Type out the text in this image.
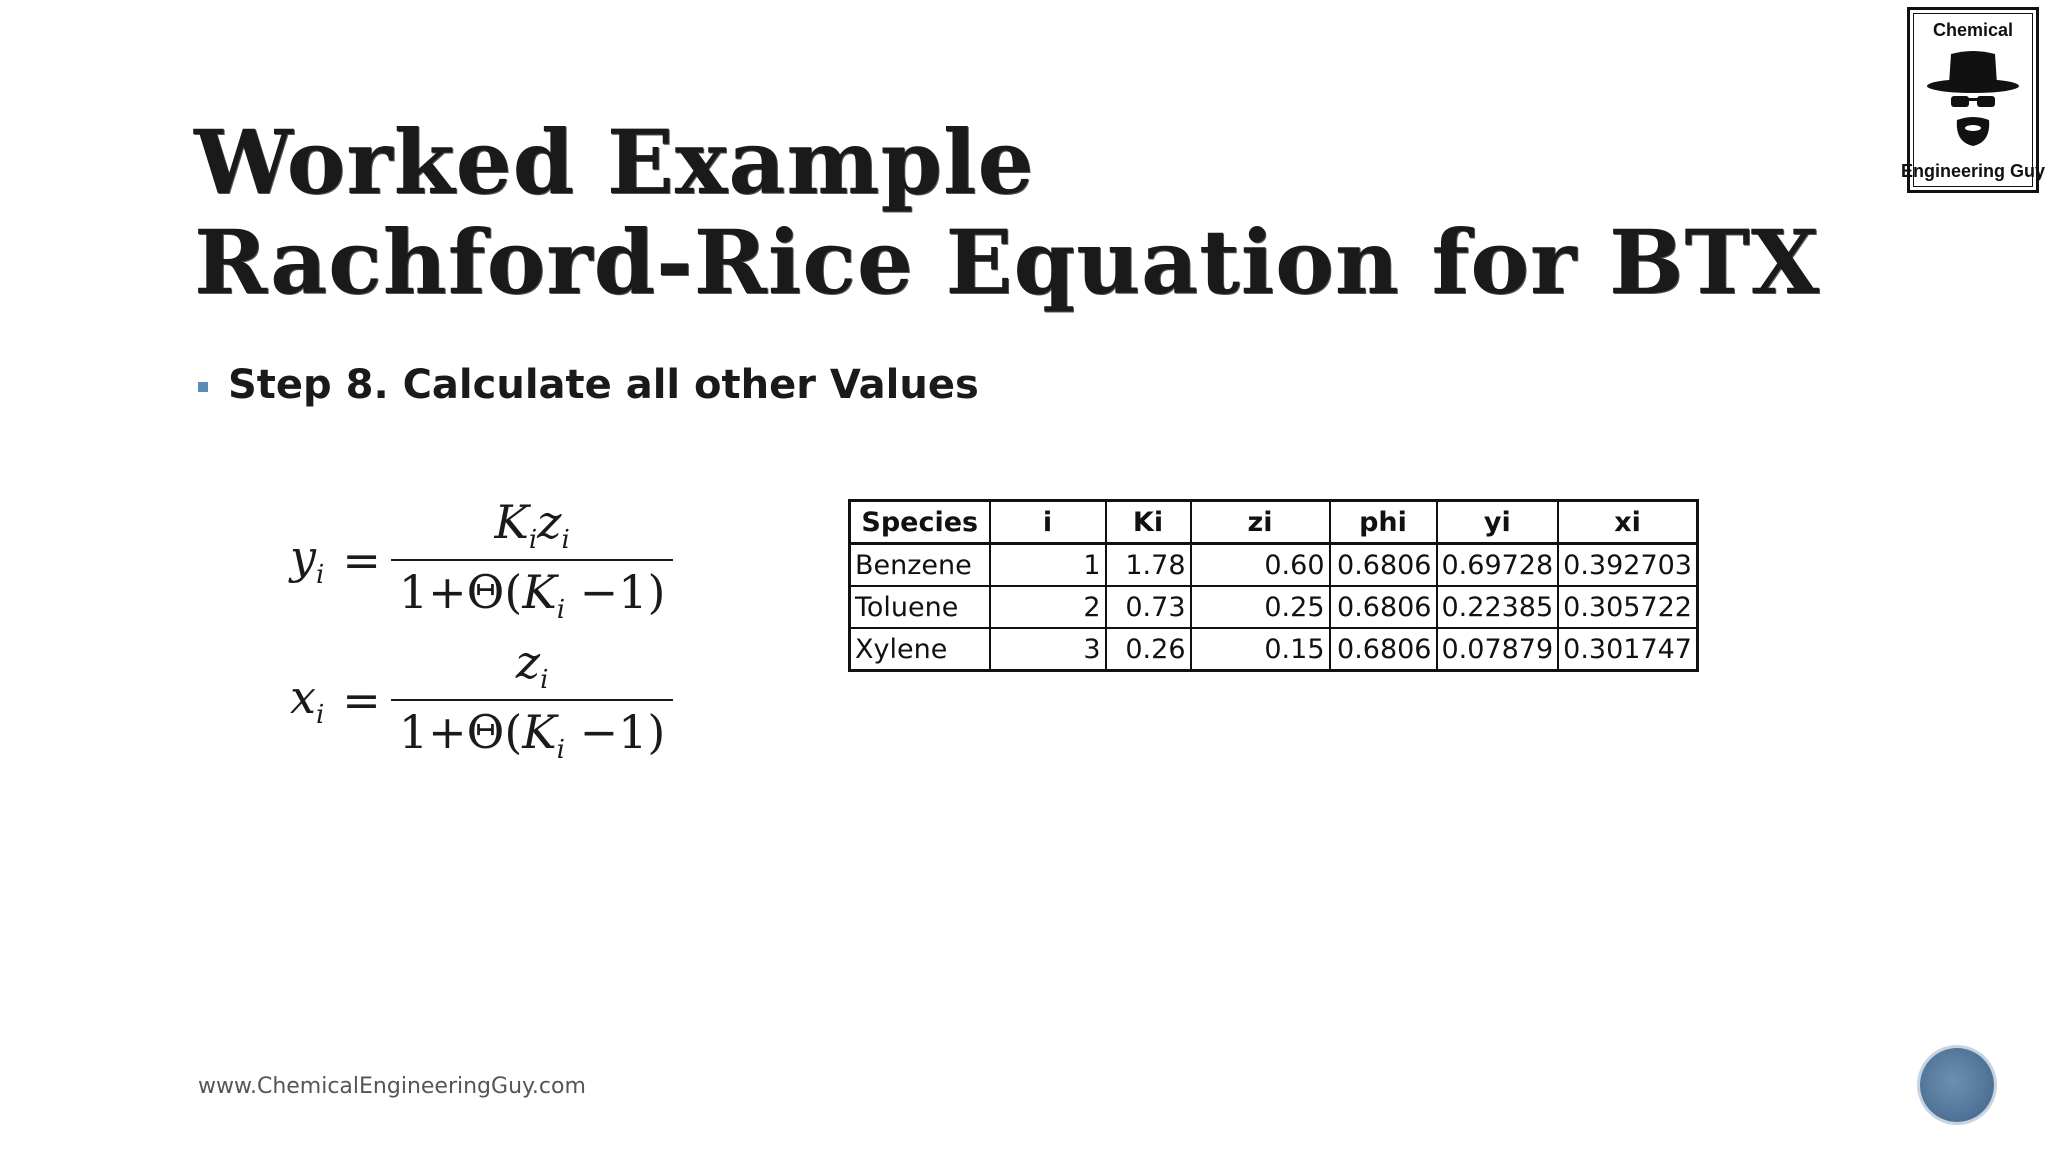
Worked Example
Rachford-Rice Equation for BTX
Step 8. Calculate all other Values
$y_i = \frac{K_iz_i}{1+\Theta(K_i -1)}$
$x_i = \frac{z_i}{1+\Theta(K_i -1)}$
Species	i	Ki	zi	phi	yi	xi
Benzene	1	1.78	0.60	0.6806	0.69728	0.392703
Toluene	2	0.73	0.25	0.6806	0.22385	0.305722
Xylene	3	0.26	0.15	0.6806	0.07879	0.301747
Chemical
Engineering Guy
www.ChemicalEngineeringGuy.com
